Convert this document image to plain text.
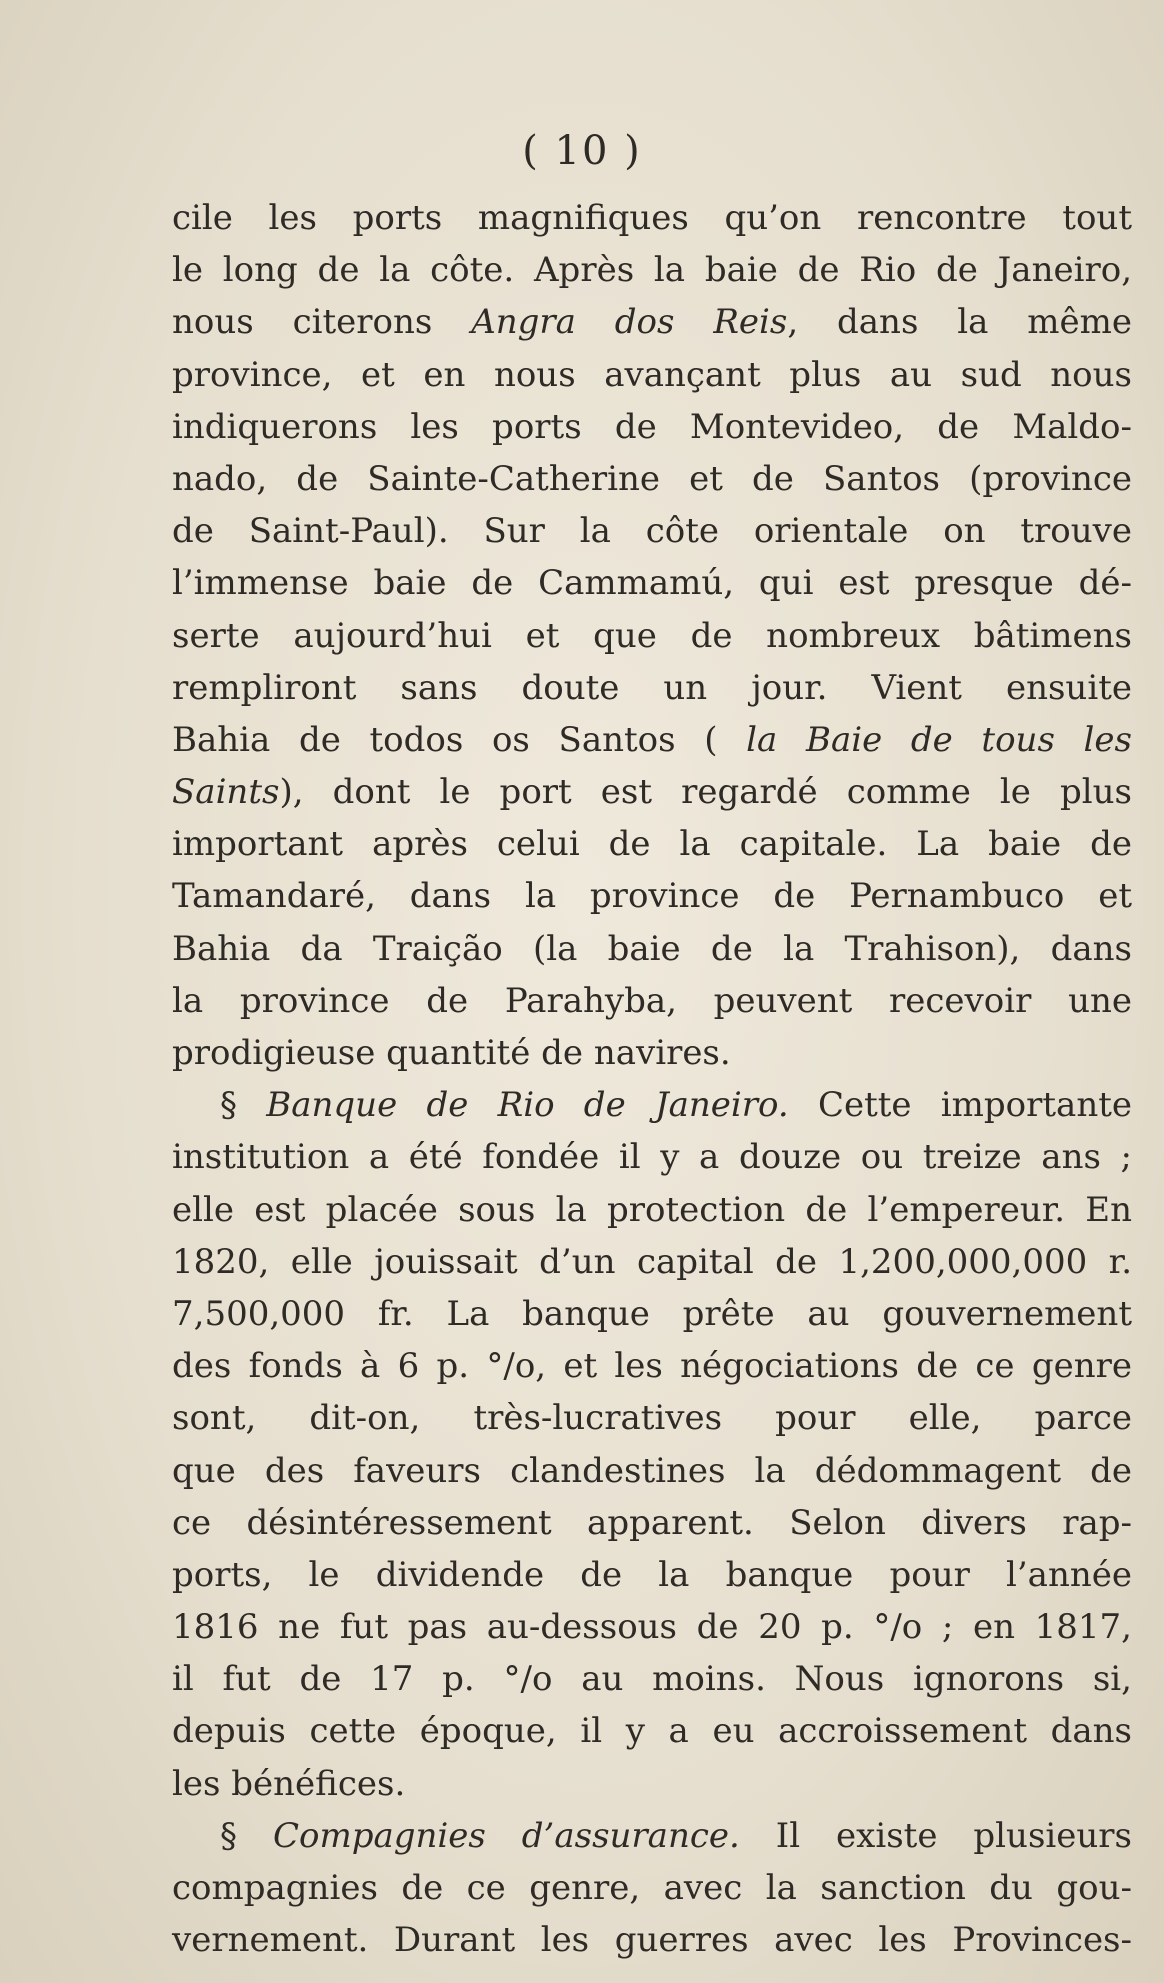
( 10 )
cile les ports magnifiques qu’on rencontre tout
le long de la côte. Après la baie de Rio de Janeiro,
nous citerons Angra dos Reis, dans la même
province, et en nous avançant plus au sud nous
indiquerons les ports de Montevideo, de Maldo-
nado, de Sainte-Catherine et de Santos (province
de Saint-Paul). Sur la côte orientale on trouve
l’immense baie de Cammamú, qui est presque dé-
serte aujourd’hui et que de nombreux bâtimens
rempliront sans doute un jour. Vient ensuite
Bahia de todos os Santos ( la Baie de tous les
Saints), dont le port est regardé comme le plus
important après celui de la capitale. La baie de
Tamandaré, dans la province de Pernambuco et
Bahia da Traição (la baie de la Trahison), dans
la province de Parahyba, peuvent recevoir une
prodigieuse quantité de navires.
§ Banque de Rio de Janeiro. Cette importante
institution a été fondée il y a douze ou treize ans ;
elle est placée sous la protection de l’empereur. En
1820, elle jouissait d’un capital de 1,200,000,000 r.
7,500,000 fr. La banque prête au gouvernement
des fonds à 6 p. °/o, et les négociations de ce genre
sont, dit-on, très-lucratives pour elle, parce
que des faveurs clandestines la dédommagent de
ce désintéressement apparent. Selon divers rap-
ports, le dividende de la banque pour l’année
1816 ne fut pas au-dessous de 20 p. °/o ; en 1817,
il fut de 17 p. °/o au moins. Nous ignorons si,
depuis cette époque, il y a eu accroissement dans
les bénéfices.
§ Compagnies d’assurance. Il existe plusieurs
compagnies de ce genre, avec la sanction du gou-
vernement. Durant les guerres avec les Provinces-
